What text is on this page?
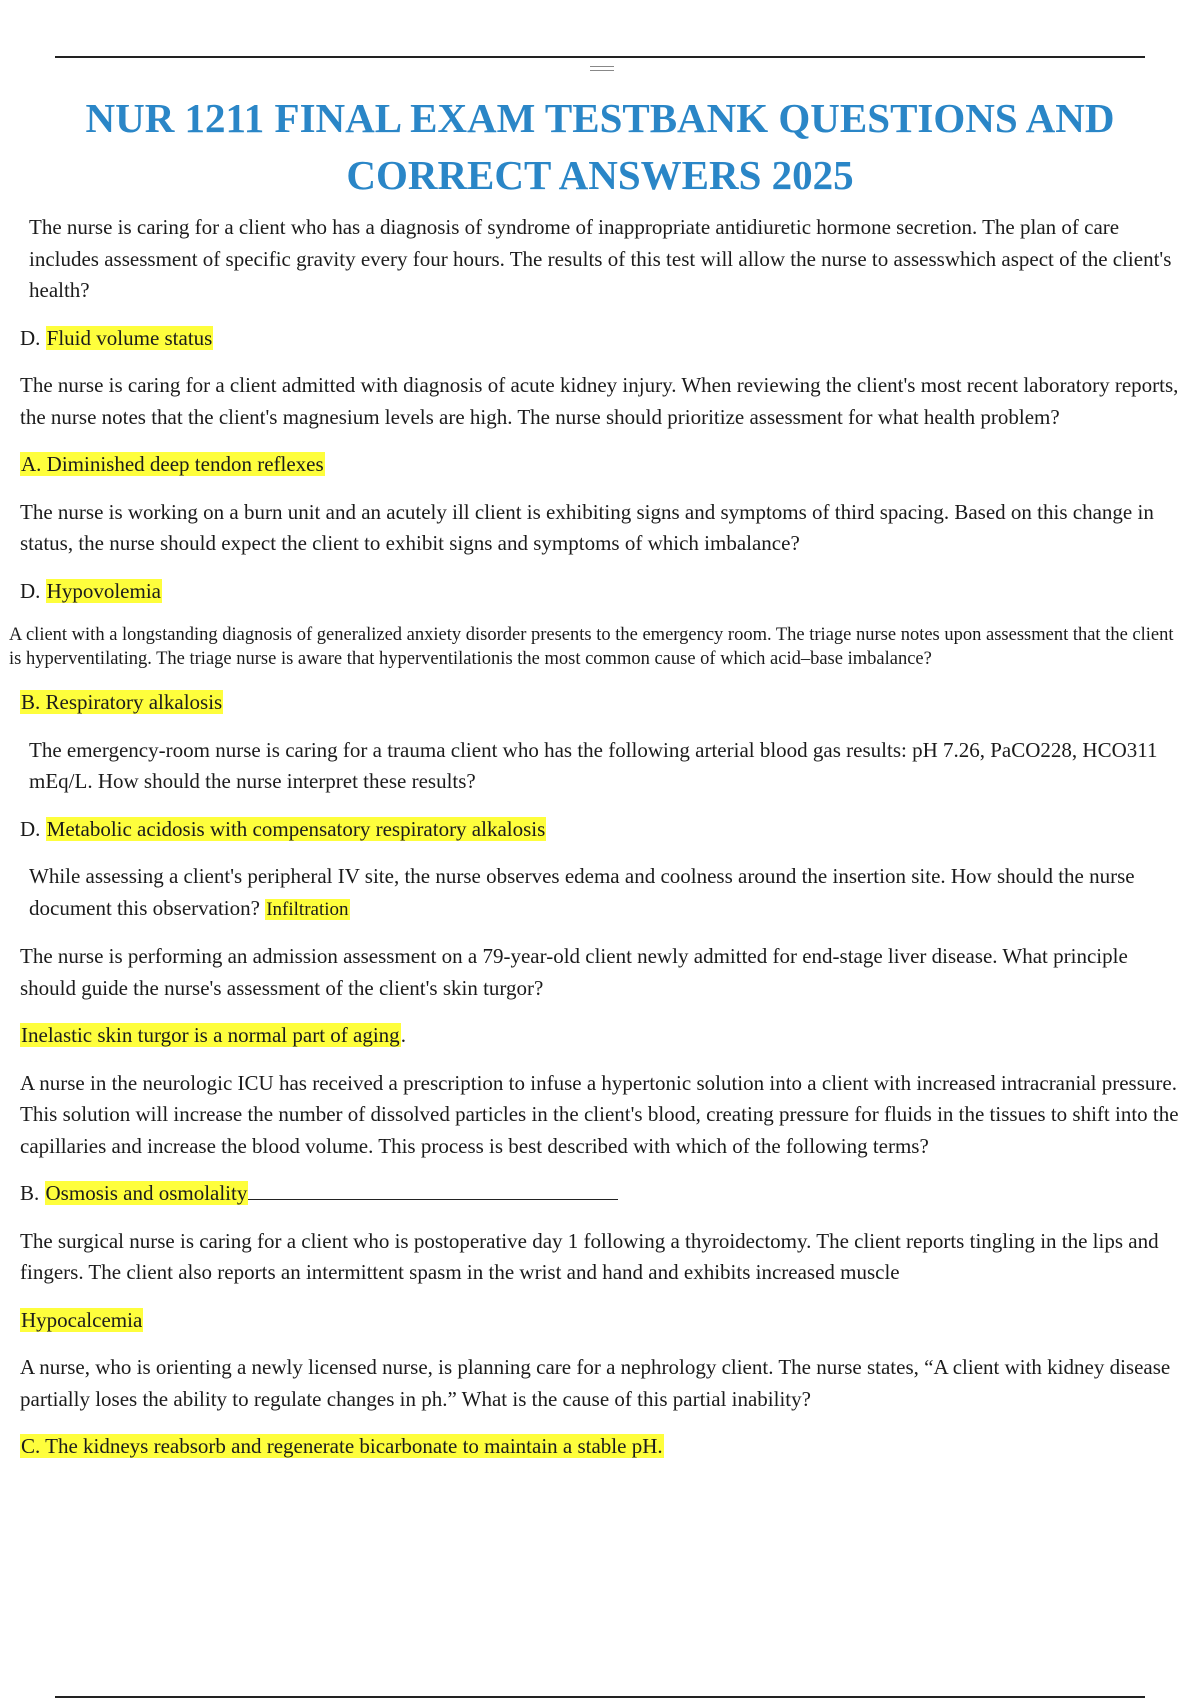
NUR 1211 FINAL EXAM TESTBANK QUESTIONS AND CORRECT ANSWERS 2025

The nurse is caring for a client who has a diagnosis of syndrome of inappropriate antidiuretic hormone secretion. The plan of care includes assessment of specific gravity every four hours. The results of this test will allow the nurse to assesswhich aspect of the client's health?

D. Fluid volume status

The nurse is caring for a client admitted with diagnosis of acute kidney injury. When reviewing the client's most recent laboratory reports, the nurse notes that the client's magnesium levels are high. The nurse should prioritize assessment for what health problem?

A. Diminished deep tendon reflexes

The nurse is working on a burn unit and an acutely ill client is exhibiting signs and symptoms of third spacing. Based on this change in status, the nurse should expect the client to exhibit signs and symptoms of which imbalance?

D. Hypovolemia

A client with a longstanding diagnosis of generalized anxiety disorder presents to the emergency room. The triage nurse notes upon assessment that the client is hyperventilating. The triage nurse is aware that hyperventilationis the most common cause of which acid–base imbalance?

B. Respiratory alkalosis

The emergency-room nurse is caring for a trauma client who has the following arterial blood gas results: pH 7.26, PaCO228, HCO311 mEq/L. How should the nurse interpret these results?

D. Metabolic acidosis with compensatory respiratory alkalosis

While assessing a client's peripheral IV site, the nurse observes edema and coolness around the insertion site. How should the nurse document this observation? Infiltration

The nurse is performing an admission assessment on a 79-year-old client newly admitted for end-stage liver disease. What principle should guide the nurse's assessment of the client's skin turgor?

Inelastic skin turgor is a normal part of aging.

A nurse in the neurologic ICU has received a prescription to infuse a hypertonic solution into a client with increased intracranial pressure. This solution will increase the number of dissolved particles in the client's blood, creating pressure for fluids in the tissues to shift into the capillaries and increase the blood volume. This process is best described with which of the following terms?

B. Osmosis and osmolality

The surgical nurse is caring for a client who is postoperative day 1 following a thyroidectomy. The client reports tingling in the lips and fingers. The client also reports an intermittent spasm in the wrist and hand and exhibits increased muscle

Hypocalcemia

A nurse, who is orienting a newly licensed nurse, is planning care for a nephrology client. The nurse states, “A client with kidney disease partially loses the ability to regulate changes in ph.” What is the cause of this partial inability?

C. The kidneys reabsorb and regenerate bicarbonate to maintain a stable pH.
